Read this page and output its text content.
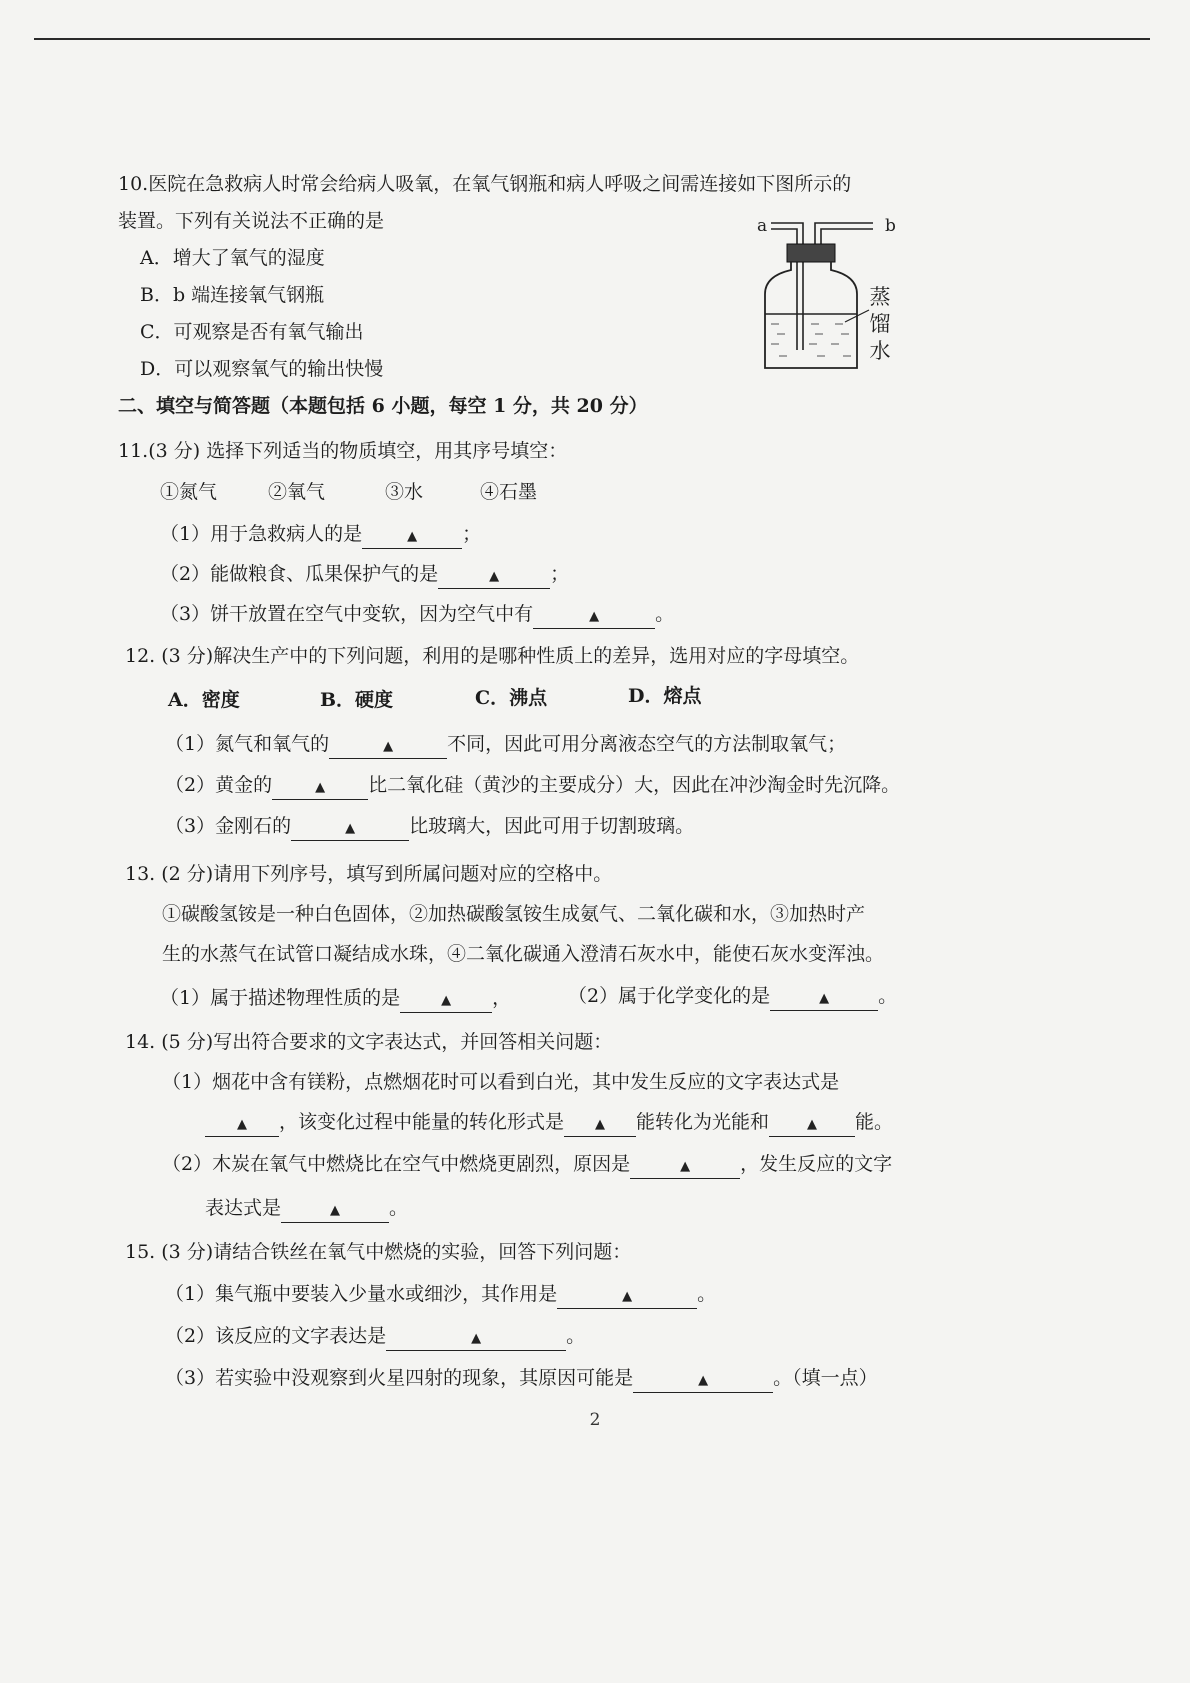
10.医院在急救病人时常会给病人吸氧，在氧气钢瓶和病人呼吸之间需连接如下图所示的
装置。下列有关说法不正确的是
A．增大了氧气的湿度
B．b 端连接氧气钢瓶
C．可观察是否有氧气输出
D．可以观察氧气的输出快慢
a	b
蒸
馏
水
二、填空与简答题（本题包括 6 小题，每空 1 分，共 20 分）
11.(3 分) 选择下列适当的物质填空，用其序号填空：
①氮气	②氧气	③水	④石墨
（1）用于急救病人的是	▲ ；
（2）能做粮食、瓜果保护气的是	▲	；
（3）饼干放置在空气中变软，因为空气中有	▲	。
12. (3 分)解决生产中的下列问题，利用的是哪种性质上的差异，选用对应的字母填空。
A．密度	B．硬度	C．沸点	D．熔点
（1）氮气和氧气的	▲	不同，因此可用分离液态空气的方法制取氧气；
（2）黄金的	▲ 比二氧化硅（黄沙的主要成分）大，因此在冲沙淘金时先沉降。
（3）金刚石的	▲	比玻璃大，因此可用于切割玻璃。
13. (2 分)请用下列序号，填写到所属问题对应的空格中。
①碳酸氢铵是一种白色固体，②加热碳酸氢铵生成氨气、二氧化碳和水，③加热时产
生的水蒸气在试管口凝结成水珠，④二氧化碳通入澄清石灰水中，能使石灰水变浑浊。
（1）属于描述物理性质的是	▲ ，	（2）属于化学变化的是	▲	。
14. (5 分)写出符合要求的文字表达式，并回答相关问题：
（1）烟花中含有镁粉，点燃烟花时可以看到白光，其中发生反应的文字表达式是
▲ ，该变化过程中能量的转化形式是 ▲ 能转化为光能和	▲ 能。
（2）木炭在氧气中燃烧比在空气中燃烧更剧烈，原因是	▲	，发生反应的文字
表达式是	▲	。
15. (3 分)请结合铁丝在氧气中燃烧的实验，回答下列问题：
（1）集气瓶中要装入少量水或细沙，其作用是	▲	。
（2）该反应的文字表达是	▲	。
（3）若实验中没观察到火星四射的现象，其原因可能是	▲	。（填一点）
2
